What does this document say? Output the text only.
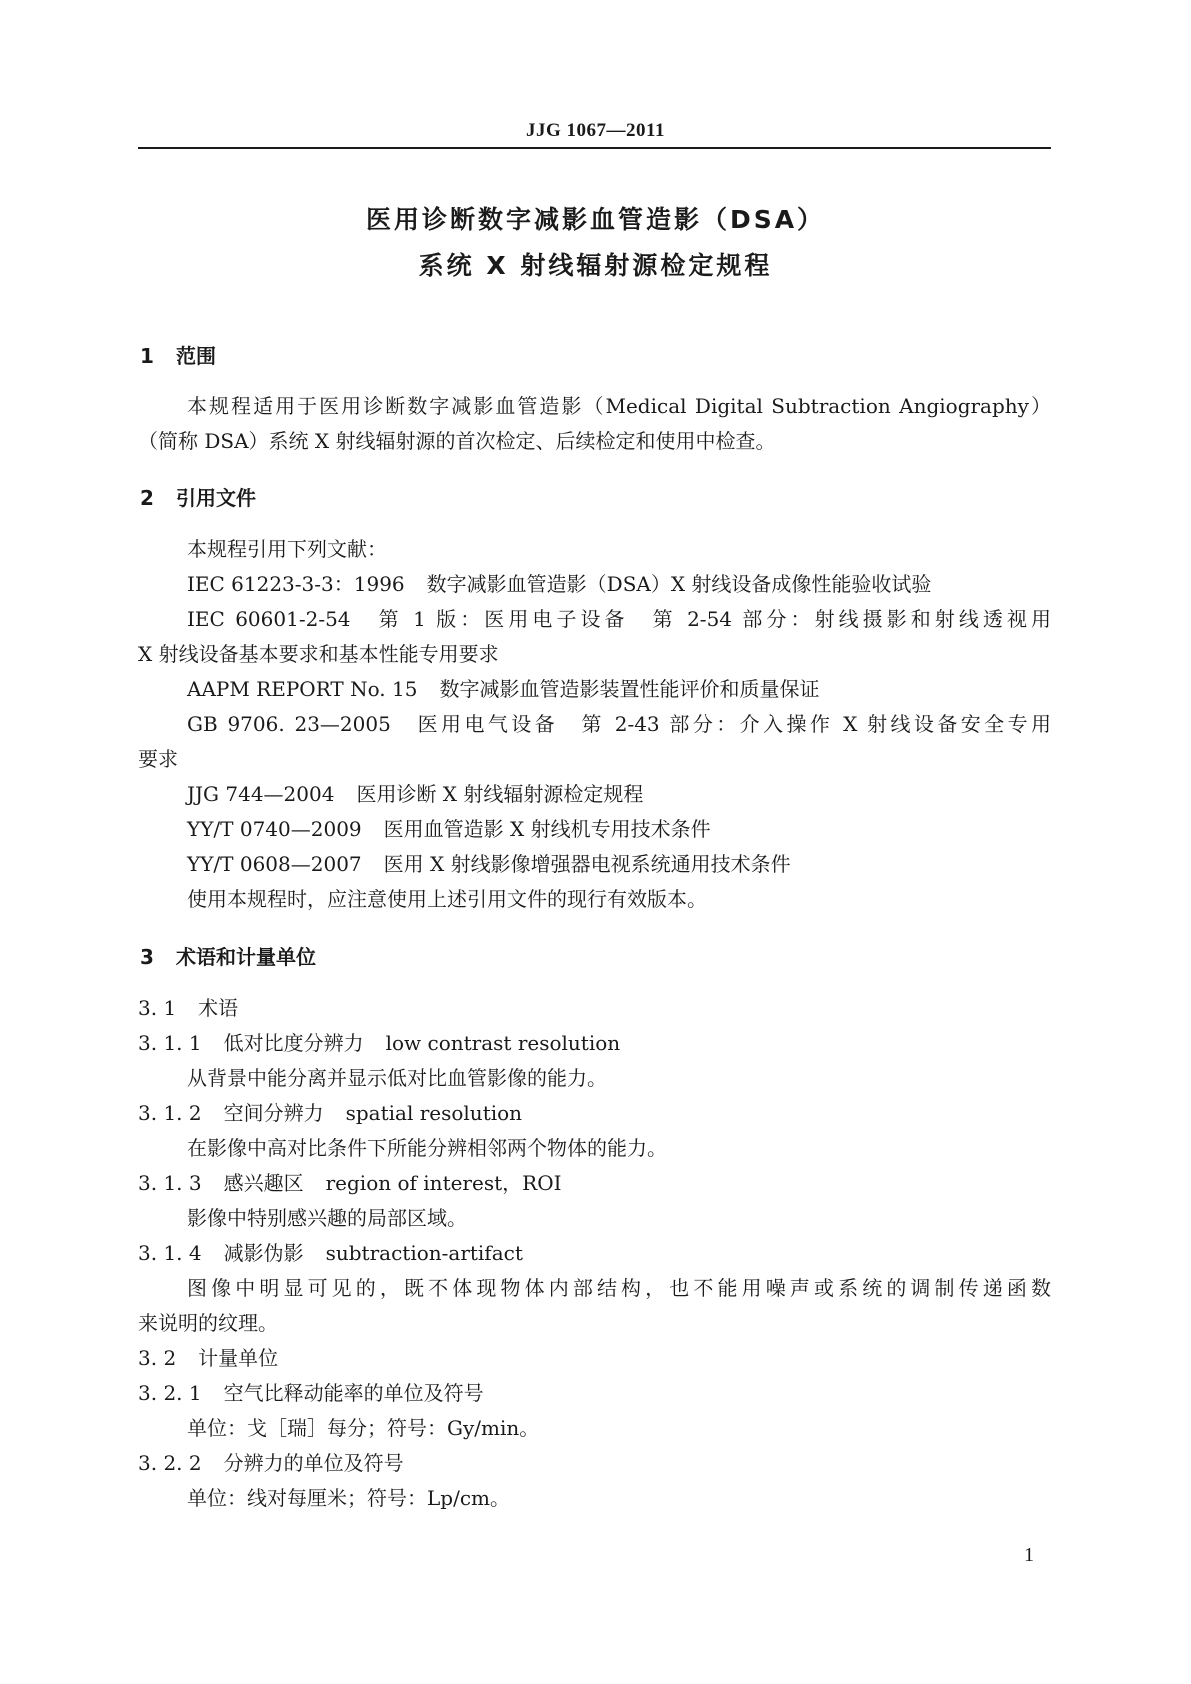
JJG 1067—2011
医用诊断数字减影血管造影（DSA）
系统 X 射线辐射源检定规程
1 范围
本规程适用于医用诊断数字减影血管造影（Medical Digital Subtraction Angiography）
（简称 DSA）系统 X 射线辐射源的首次检定、后续检定和使用中检查。
2 引用文件
本规程引用下列文献：
IEC 61223-3-3：1996 数字减影血管造影（DSA）X 射线设备成像性能验收试验
IEC 60601-2-54　第 1 版：医用电子设备　第 2-54 部分：射线摄影和射线透视用
X 射线设备基本要求和基本性能专用要求
AAPM REPORT No. 15 数字减影血管造影装置性能评价和质量保证
GB 9706. 23—2005　医用电气设备　第 2-43 部分：介入操作 X 射线设备安全专用
要求
JJG 744—2004 医用诊断 X 射线辐射源检定规程
YY/T 0740—2009 医用血管造影 X 射线机专用技术条件
YY/T 0608—2007 医用 X 射线影像增强器电视系统通用技术条件
使用本规程时，应注意使用上述引用文件的现行有效版本。
3 术语和计量单位
3. 1 术语
3. 1. 1 低对比度分辨力 low contrast resolution
从背景中能分离并显示低对比血管影像的能力。
3. 1. 2 空间分辨力 spatial resolution
在影像中高对比条件下所能分辨相邻两个物体的能力。
3. 1. 3 感兴趣区 region of interest，ROI
影像中特别感兴趣的局部区域。
3. 1. 4 减影伪影 subtraction-artifact
图像中明显可见的，既不体现物体内部结构，也不能用噪声或系统的调制传递函数
来说明的纹理。
3. 2 计量单位
3. 2. 1 空气比释动能率的单位及符号
单位：戈［瑞］每分；符号：Gy/min。
3. 2. 2 分辨力的单位及符号
单位：线对每厘米；符号：Lp/cm。
1
